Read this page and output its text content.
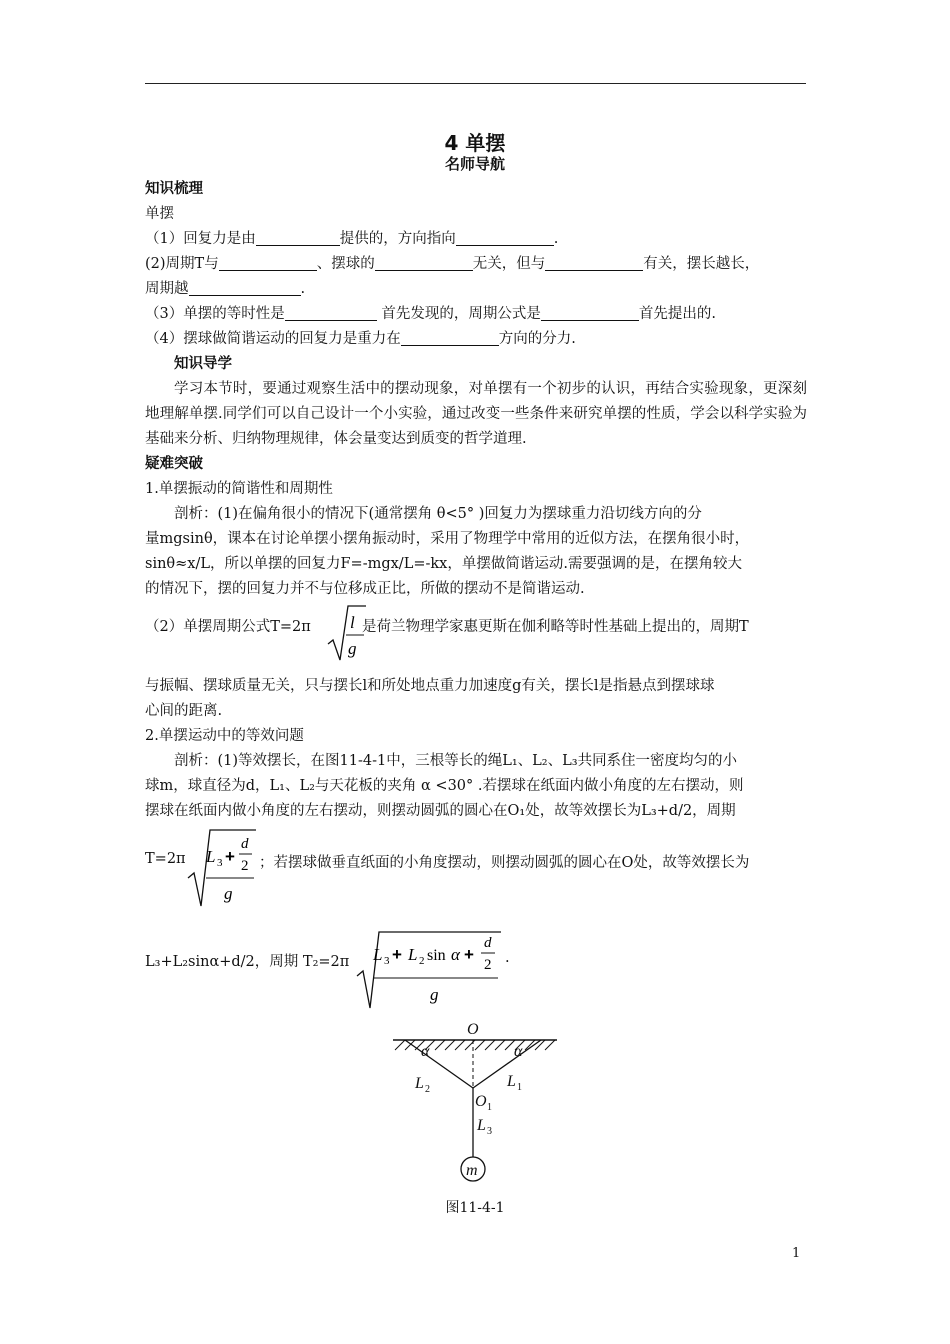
4 单摆
名师导航
知识梳理
单摆
（1）回复力是由	提供的，方向指向	.
(2)周期T与	、摆球的	无关，但与	有关，摆长越长，
周期越	.
（3）单摆的等时性是	首先发现的，周期公式是	首先提出的.
（4）摆球做简谐运动的回复力是重力在	方向的分力.
知识导学
学习本节时，要通过观察生活中的摆动现象，对单摆有一个初步的认识，再结合实验现象，更深刻地理解单摆.同学们可以自己设计一个小实验，通过改变一些条件来研究单摆的性质，学会以科学实验为基础来分析、归纳物理规律，体会量变达到质变的哲学道理.
疑难突破
1.单摆振动的简谐性和周期性
剖析：(1)在偏角很小的情况下(通常摆角 θ<5° )回复力为摆球重力沿切线方向的分
量mgsinθ，课本在讨论单摆小摆角振动时，采用了物理学中常用的近似方法，在摆角很小时，
sinθ≈x/L，所以单摆的回复力F=-mgx/L=-kx，单摆做简谐运动.需要强调的是，在摆角较大
的情况下，摆的回复力并不与位移成正比，所做的摆动不是简谐运动.
（2）单摆周期公式T=2π l
g
是荷兰物理学家惠更斯在伽利略等时性基础上提出的，周期T
与振幅、摆球质量无关，只与摆长l和所处地点重力加速度g有关，摆长l是指悬点到摆球球
心间的距离.
2.单摆运动中的等效问题
剖析：(1)等效摆长，在图11-4-1中，三根等长的绳L₁、L₂、L₃共同系住一密度均匀的小
球m，球直径为d，L₁、L₂与天花板的夹角 α <30° .若摆球在纸面内做小角度的左右摆动，则
摆球在纸面内做小角度的左右摆动，则摆动圆弧的圆心在O₁处，故等效摆长为L₃+d/2，周期
T=2π L 3 +
d
2
g
；若摆球做垂直纸面的小角度摆动，则摆动圆弧的圆心在O处，故等效摆长为
L₃+L₂sinα+d/2，周期 T₂=2π L 3 + L 2 sin α +
d
2
g
.
O
α	α
L	L
O
L
m
2	1
1
3
图11-4-1
1
